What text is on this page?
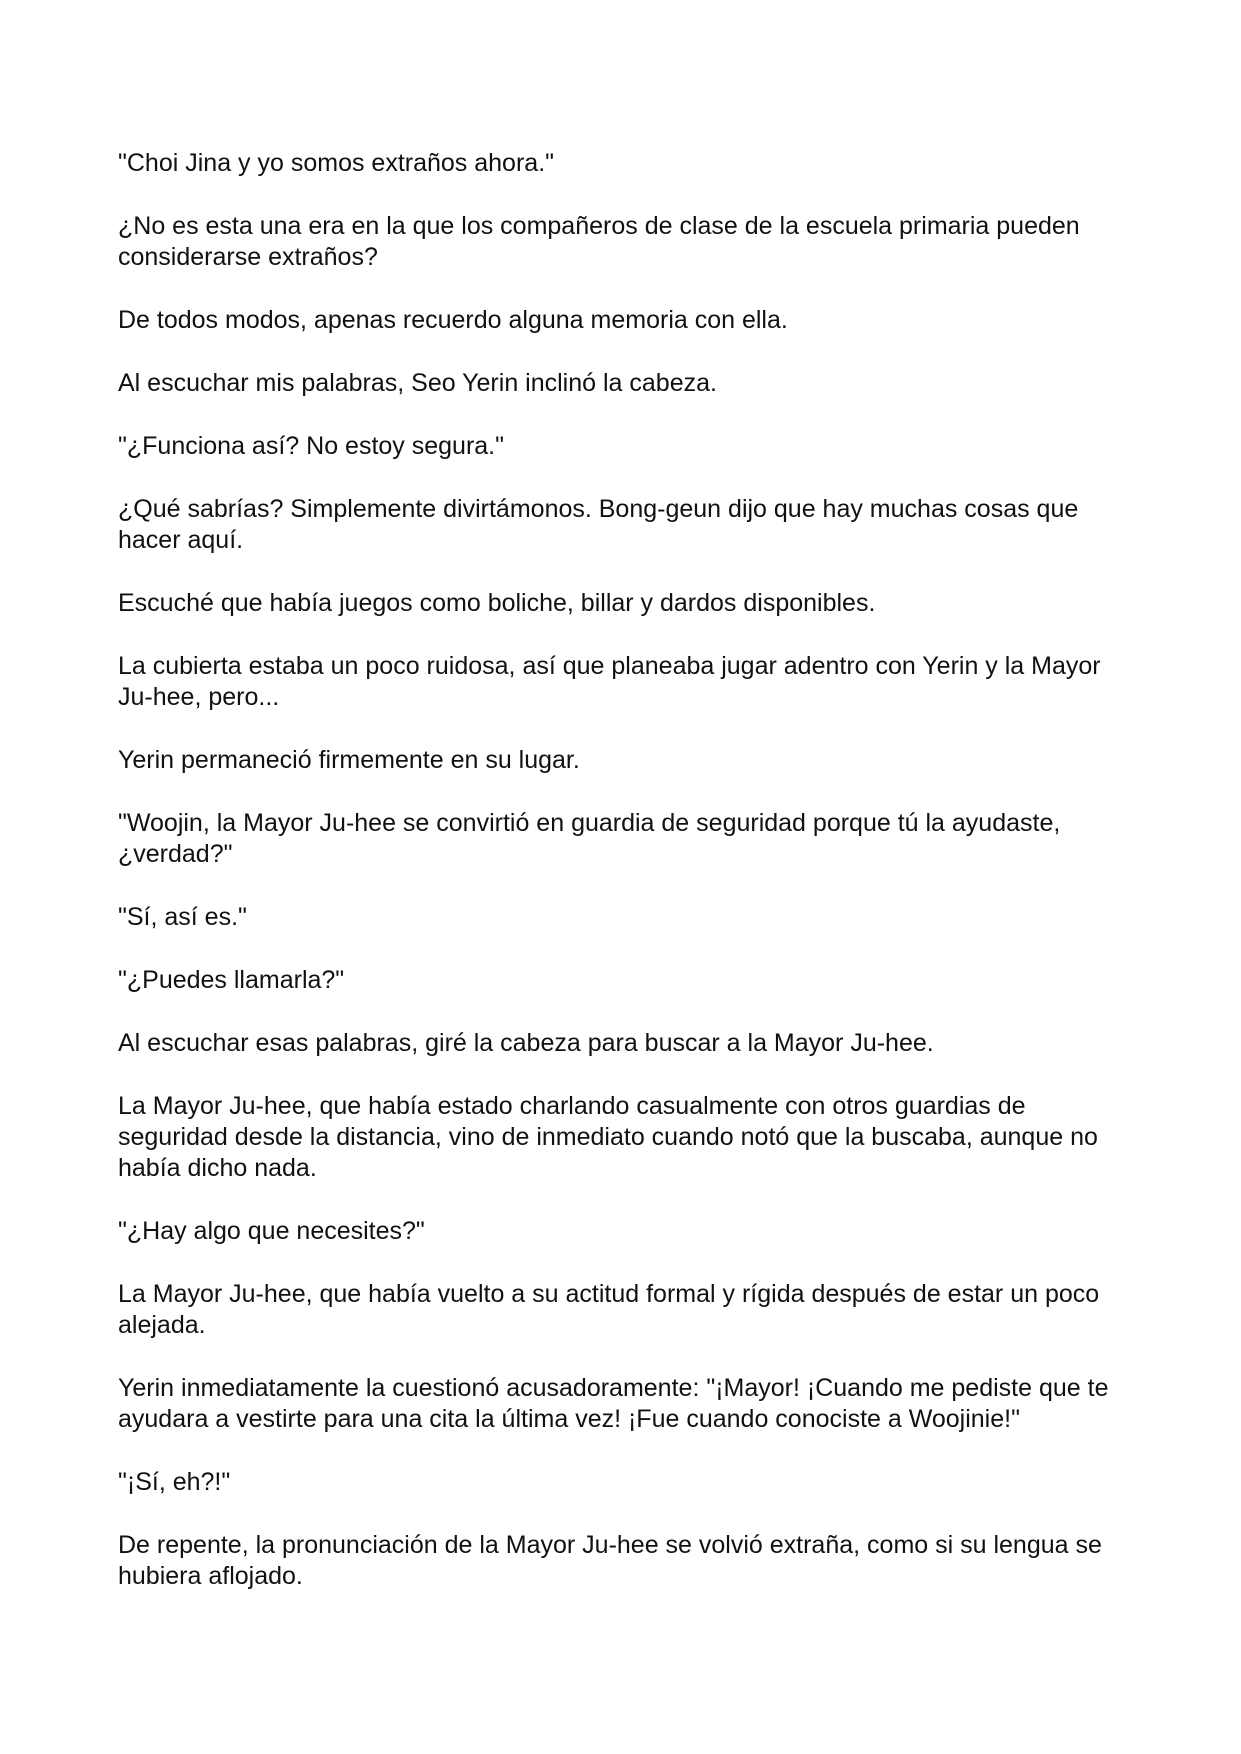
"Choi Jina y yo somos extraños ahora."

¿No es esta una era en la que los compañeros de clase de la escuela primaria pueden considerarse extraños?

De todos modos, apenas recuerdo alguna memoria con ella.

Al escuchar mis palabras, Seo Yerin inclinó la cabeza.

"¿Funciona así? No estoy segura."

¿Qué sabrías? Simplemente divirtámonos. Bong-geun dijo que hay muchas cosas que hacer aquí.

Escuché que había juegos como boliche, billar y dardos disponibles.

La cubierta estaba un poco ruidosa, así que planeaba jugar adentro con Yerin y la Mayor Ju-hee, pero...

Yerin permaneció firmemente en su lugar.

"Woojin, la Mayor Ju-hee se convirtió en guardia de seguridad porque tú la ayudaste, ¿verdad?"

"Sí, así es."

"¿Puedes llamarla?"

Al escuchar esas palabras, giré la cabeza para buscar a la Mayor Ju-hee.

La Mayor Ju-hee, que había estado charlando casualmente con otros guardias de seguridad desde la distancia, vino de inmediato cuando notó que la buscaba, aunque no había dicho nada.

"¿Hay algo que necesites?"

La Mayor Ju-hee, que había vuelto a su actitud formal y rígida después de estar un poco alejada.

Yerin inmediatamente la cuestionó acusadoramente: "¡Mayor! ¡Cuando me pediste que te ayudara a vestirte para una cita la última vez! ¡Fue cuando conociste a Woojinie!"

"¡Sí, eh?!"

De repente, la pronunciación de la Mayor Ju-hee se volvió extraña, como si su lengua se hubiera aflojado.
